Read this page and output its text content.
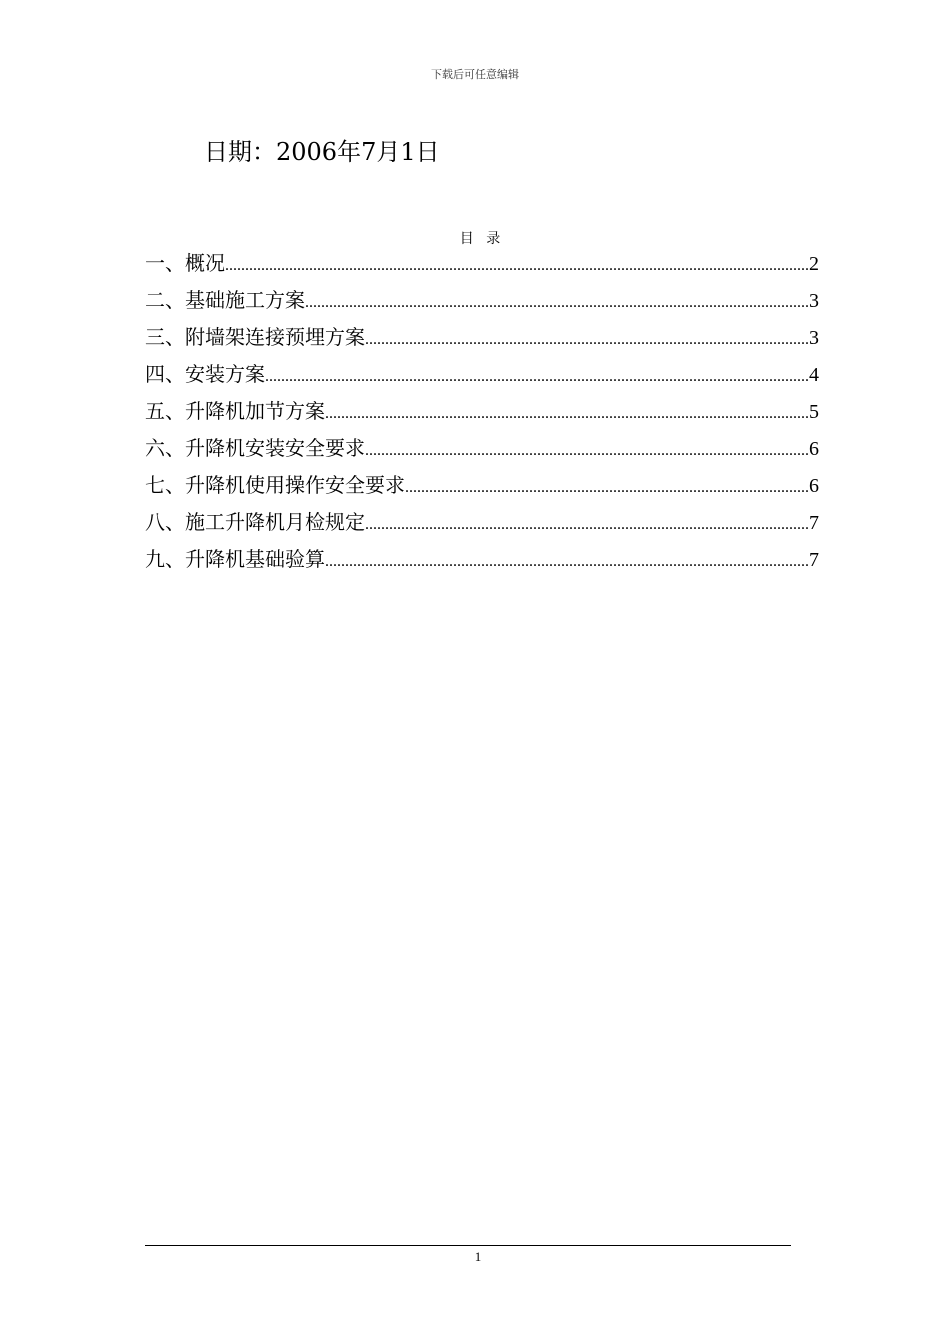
下载后可任意编辑
日期：2006年7月1日
目 录
一、概况 .....	2
二、基础施工方案 .....	3
三、附墙架连接预埋方案 .....	3
四、安装方案 .....	4
五、升降机加节方案 .....	5
六、升降机安装安全要求 .....	6
七、升降机使用操作安全要求 .....	6
八、施工升降机月检规定 .....	7
九、升降机基础验算 .....	7
1
